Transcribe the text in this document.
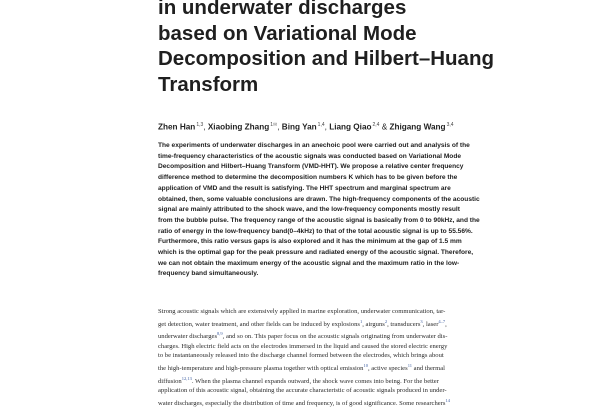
in underwater discharges
based on Variational Mode
Decomposition and Hilbert–Huang
Transform
Zhen Han$^{1,3}$, Xiaobing Zhang$^{1✉}$, Bing Yan$^{1,4}$, Liang Qiao$^{2,4}$ & Zhigang Wang$^{3,4}$
The experiments of underwater discharges in an anechoic pool were carried out and analysis of the
time-frequency characteristics of the acoustic signals was conducted based on Variational Mode
Decomposition and Hilbert–Huang Transform (VMD-HHT). We propose a relative center frequency
difference method to determine the decomposition numbers K which has to be given before the
application of VMD and the result is satisfying. The HHT spectrum and marginal spectrum are
obtained, then, some valuable conclusions are drawn. The high-frequency components of the acoustic
signal are mainly attributed to the shock wave, and the low-frequency components mostly result
from the bubble pulse. The frequency range of the acoustic signal is basically from 0 to 90kHz, and the
ratio of energy in the low-frequency band(0–4kHz) to that of the total acoustic signal is up to 55.56%.
Furthermore, this ratio versus gaps is also explored and it has the minimum at the gap of 1.5 mm
which is the optimal gap for the peak pressure and radiated energy of the acoustic signal. Therefore,
we can not obtain the maximum energy of the acoustic signal and the maximum ratio in the low-
frequency band simultaneously.
Strong acoustic signals which are extensively applied in marine exploration, underwater communication, tar-
get detection, water treatment, and other fields can be induced by explosions$^1$, airguns$^2$, transducers$^3$, laser$^{4-7}$,
underwater discharges$^{8,9}$, and so on. This paper focus on the acoustic signals originating from underwater dis-
charges. High electric field acts on the electrodes immersed in the liquid and caused the stored electric energy
to be instantaneously released into the discharge channel formed between the electrodes, which brings about
the high-temperature and high-pressure plasma together with optical emission$^{10}$, active species$^{11}$ and thermal
diffusion$^{12,13}$. When the plasma channel expands outward, the shock wave comes into being. For the better
application of this acoustic signal, obtaining the accurate characteristic of acoustic signals produced in under-
water discharges, especially the distribution of time and frequency, is of good significance. Some researchers$^{14}$
